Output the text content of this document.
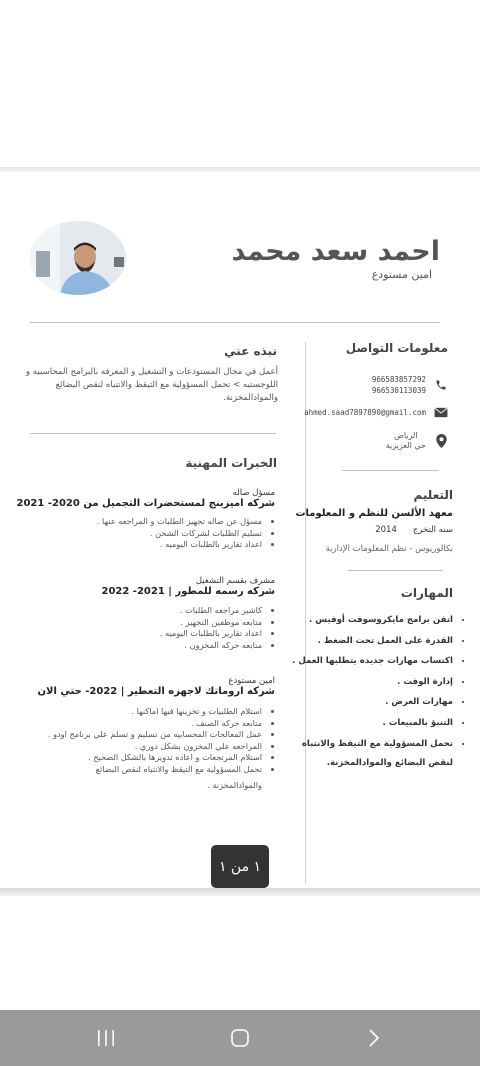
احمد سعد محمد
امين مستودع
نبذه عني
أعمل في مجال المستودعات و التشغيل و المعرفه بالبرامج المحاسبيه و اللوجستيه > تحمل المسؤولية مع التيقظ والانتباه لنقص البضائع والموادالمخزنة.
الخبرات المهنية
مسؤل صاله
شركه اميزينج لمستحضرات التجميل من 2020- 2021
• مسؤل عن صاله تجهيز الطلبات و المراجعه عنها .
• تسليم الطلبات لشركات الشحن .
• اعداد تقارير بالطلبات اليوميه .
مشرف بقسم التشغيل
شركه رسمه للمطور | 2021- 2022
• كاشير مراجعه الطلبات .
• متابعه موظفين التجهيز .
• اعداد تقارير بالطلبات اليوميه .
• متابعه حركه المخزون .
امين مستودع
شركه اروماتك لاجهزه التعطير | 2022- حتي الان
• استلام الطلبيات و تخزينها فيها اماكنها .
• متابعه حركه الصنف .
• عمل المعالجات المحسابيه من تسليم و تسلم علي برنامج اودو .
• المراجعه علي المخزون بشكل دوري .
• استلام المرتجعات و اعاده تدويرها بالشكل الصحيح .
• تحمل المسؤولية مع التيقظ والانتباه لنقص البضائع
والموادالمخزنة .
معلومات التواصل
966583857292
966530113039
ahmed.saad7897890@gmail.com
الرياض
حي العزيزية
التعليم
معهد الألسن للنظم و المعلومات
سنه التخرج
2014
بكالوريوس - نظم المعلومات الإدارية
المهارات
• اتقن برامج مايكروسوفت أوفيس .
• القدرة على العمل تحت الضغط .
• اكتساب مهارات جديده يتطلبها العمل .
• إدارة الوقت .
• مهارات العرض .
• التنبؤ بالمبيعات .
• تحمل المسؤولية مع التيقظ والانتباه
لنقص البضائع والموادالمخزنة.
١ من ١
